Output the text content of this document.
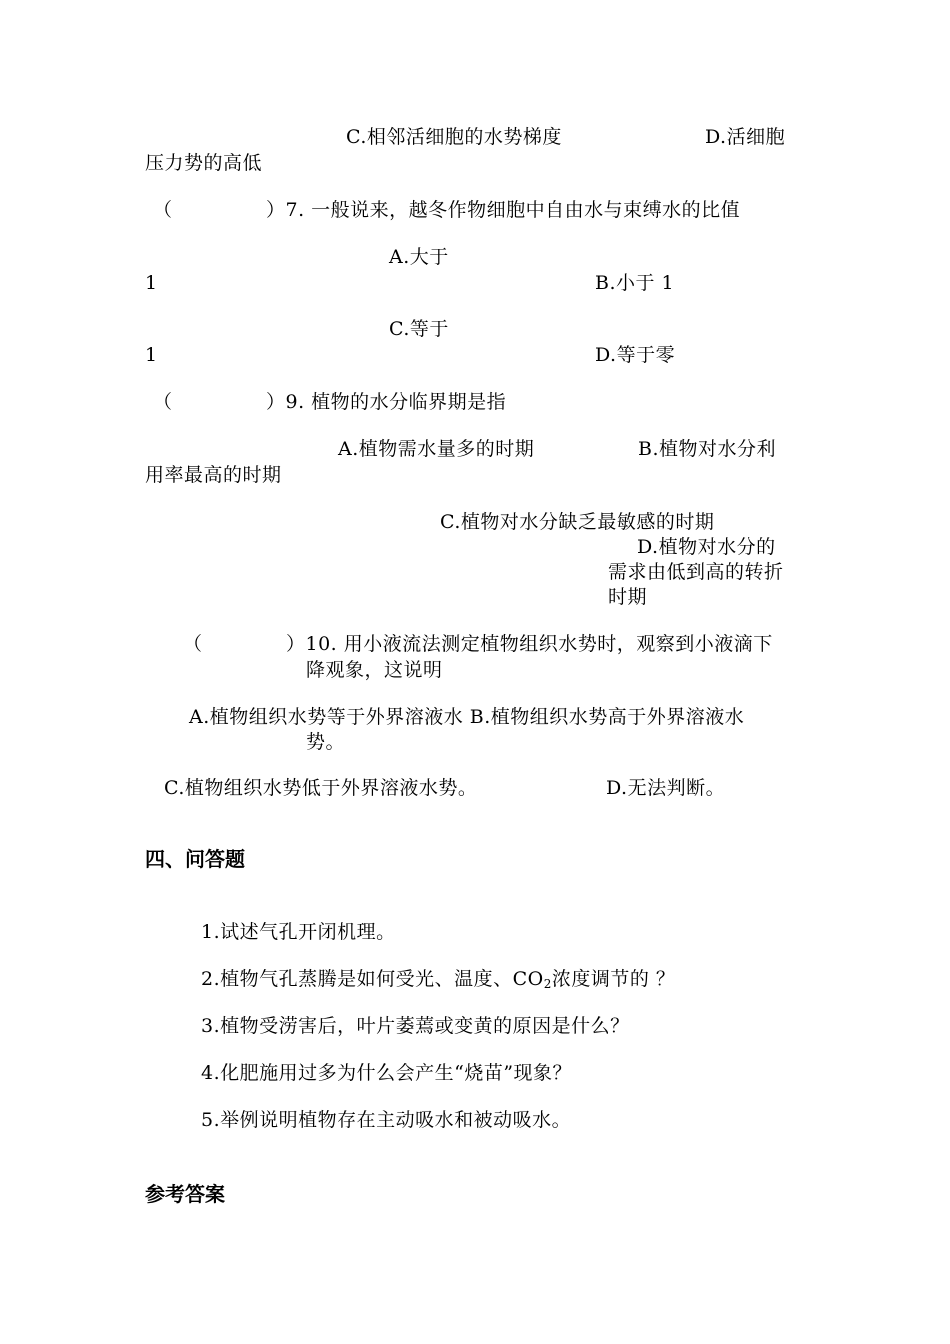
C.相邻活细胞的水势梯度	D.活细胞
压力势的高低
（	）7. 一般说来，越冬作物细胞中自由水与束缚水的比值
A.大于
1	B.小于 1
C.等于
1	D.等于零
（	）9. 植物的水分临界期是指
A.植物需水量多的时期	B.植物对水分利
用率最高的时期
C.植物对水分缺乏最敏感的时期
D.植物对水分的
需求由低到高的转折
时期
（	）10. 用小液流法测定植物组织水势时，观察到小液滴下
降观象，这说明
A.植物组织水势等于外界溶液水 B.植物组织水势高于外界溶液水
势。
C.植物组织水势低于外界溶液水势。	D.无法判断。
四、问答题
1.试述气孔开闭机理。
2.植物气孔蒸腾是如何受光、温度、$CO_2$浓度调节的 ？
3.植物受涝害后，叶片萎蔫或变黄的原因是什么？
4.化肥施用过多为什么会产生“烧苗”现象？
5.举例说明植物存在主动吸水和被动吸水。
参考答案
